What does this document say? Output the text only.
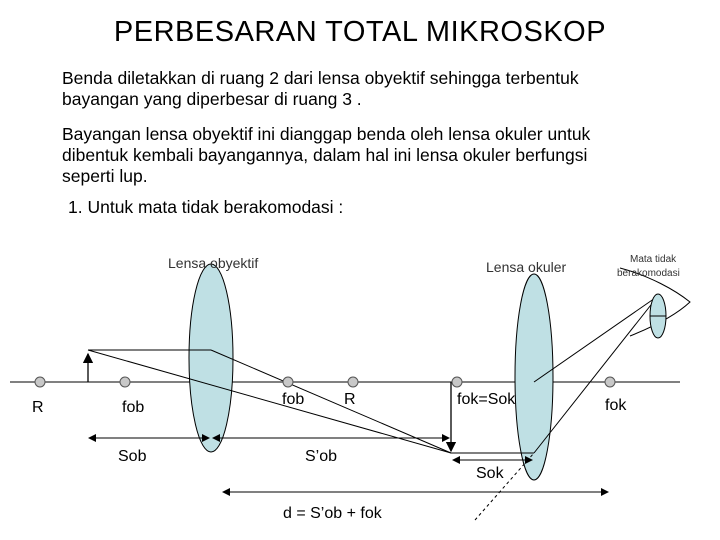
PERBESARAN TOTAL MIKROSKOP
Benda diletakkan di ruang 2 dari lensa obyektif sehingga terbentuk
bayangan yang diperbesar di ruang 3 .
Bayangan lensa obyektif ini dianggap benda oleh lensa okuler untuk
dibentuk kembali bayangannya, dalam hal ini lensa okuler berfungsi
seperti lup.
1. Untuk mata tidak berakomodasi :
Lensa obyektif	Lensa okuler	Mata tidak
berakomodasi
R	fob	fob R	fok=Sok	fok
Sob	S’ob
Sok
d = S’ob + fok
